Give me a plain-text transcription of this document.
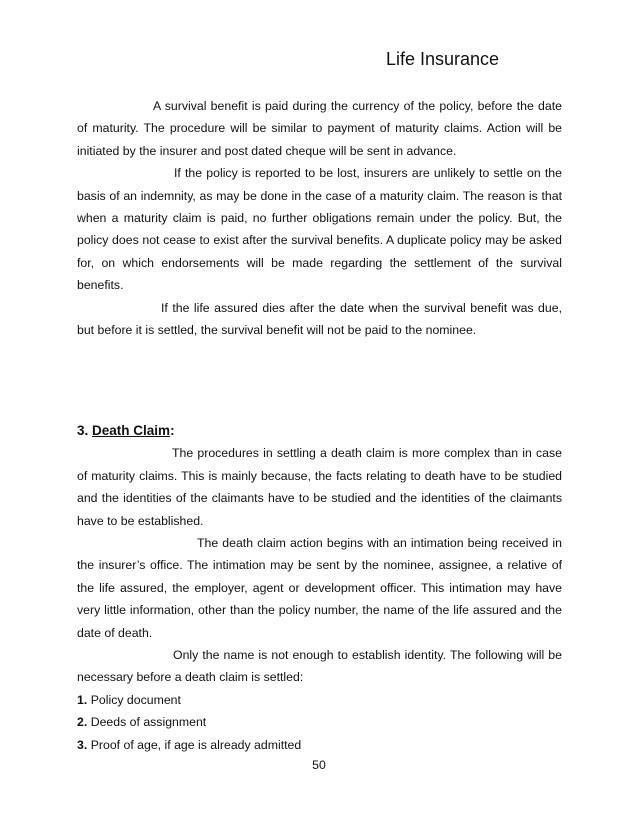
Life Insurance

A survival benefit is paid during the currency of the policy, before the date of maturity. The procedure will be similar to payment of maturity claims. Action will be initiated by the insurer and post dated cheque will be sent in advance.

If the policy is reported to be lost, insurers are unlikely to settle on the basis of an indemnity, as may be done in the case of a maturity claim. The reason is that when a maturity claim is paid, no further obligations remain under the policy. But, the policy does not cease to exist after the survival benefits. A duplicate policy may be asked for, on which endorsements will be made regarding the settlement of the survival benefits.

If the life assured dies after the date when the survival benefit was due, but before it is settled, the survival benefit will not be paid to the nominee.

3. Death Claim:

The procedures in settling a death claim is more complex than in case of maturity claims. This is mainly because, the facts relating to death have to be studied and the identities of the claimants have to be studied and the identities of the claimants have to be established.

The death claim action begins with an intimation being received in the insurer’s office. The intimation may be sent by the nominee, assignee, a relative of the life assured, the employer, agent or development officer. This intimation may have very little information, other than the policy number, the name of the life assured and the date of death.

Only the name is not enough to establish identity. The following will be necessary before a death claim is settled:

1. Policy document

2. Deeds of assignment

3. Proof of age, if age is already admitted

50
